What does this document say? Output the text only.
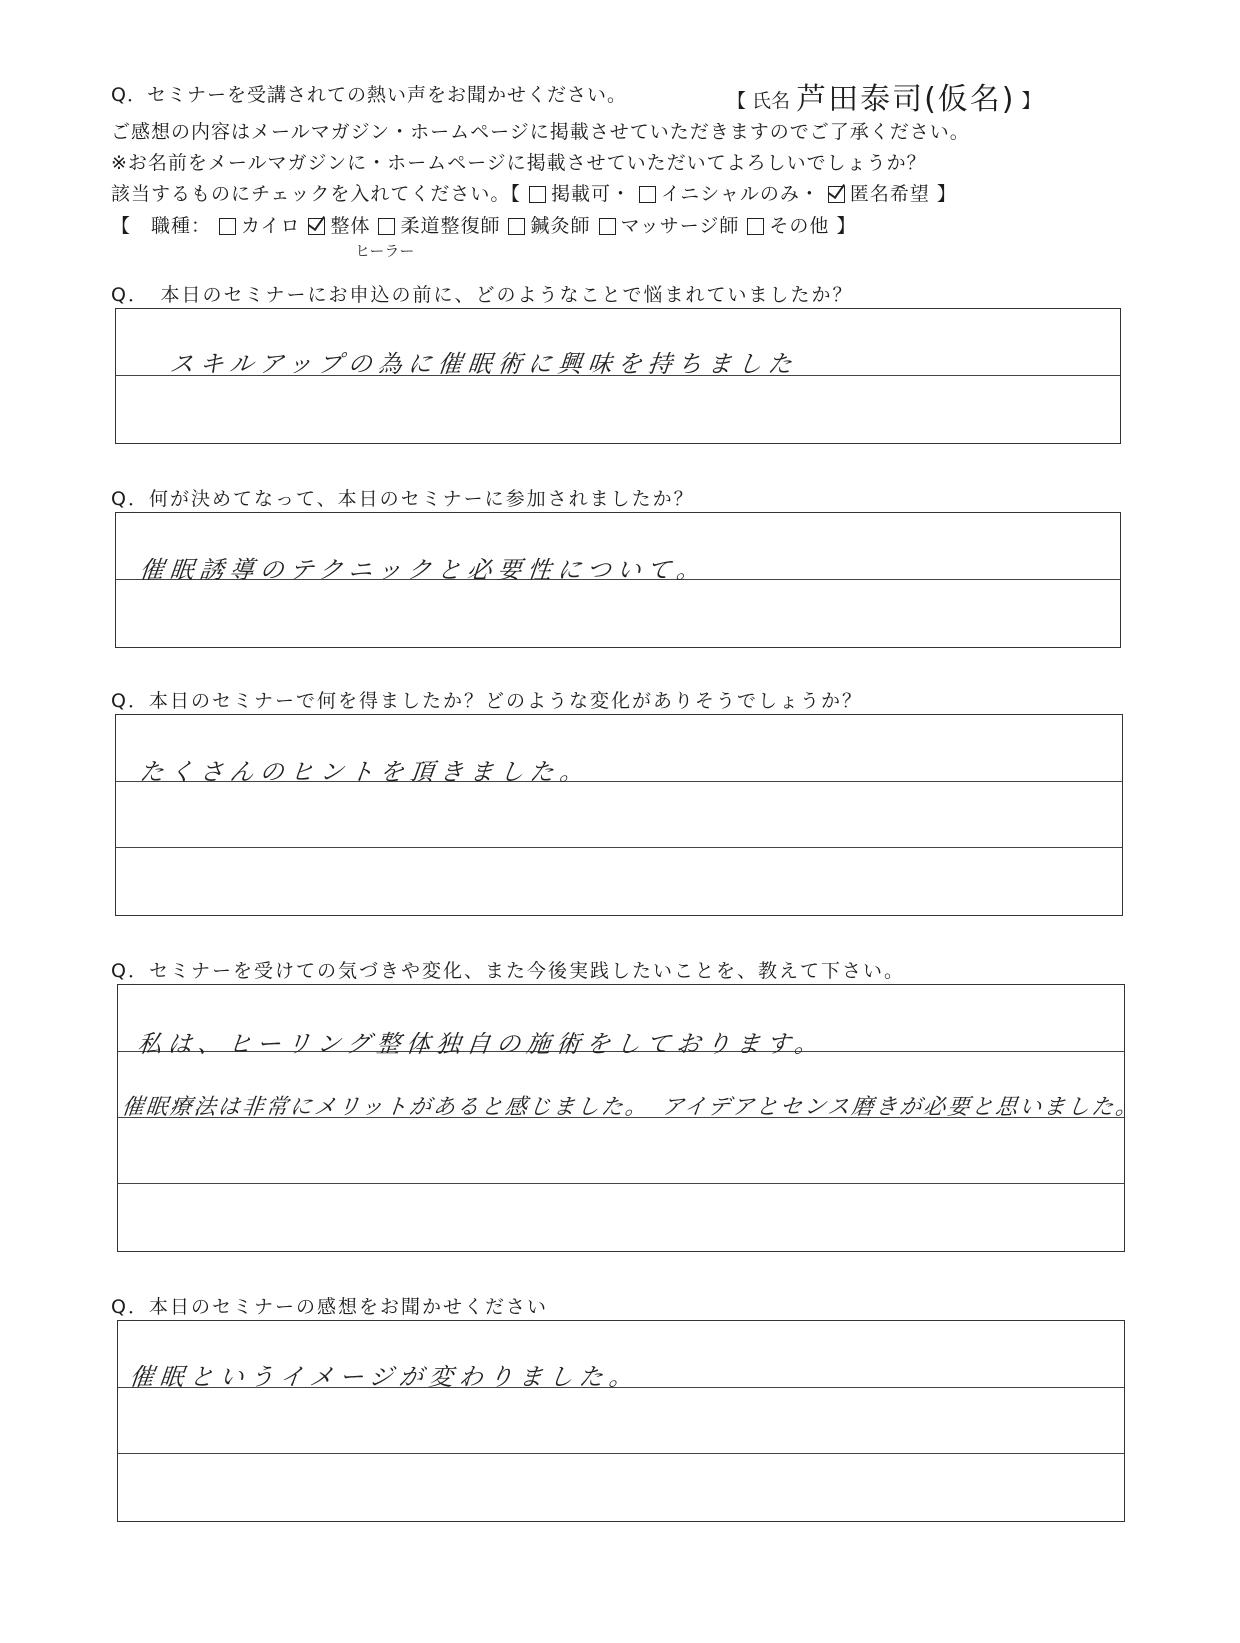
Q．セミナーを受講されての熱い声をお聞かせください。	【 氏名 芦田泰司(仮名) 】
ご感想の内容はメールマガジン・ホームページに掲載させていただきますのでご了承ください。
※お名前をメールマガジンに・ホームページに掲載させていただいてよろしいでしょうか？
該当するものにチェックを入れてください。【 掲載可・ イニシャルのみ・ 匿名希望 】
【　職種： カイロ 整体 柔道整復師 鍼灸師 マッサージ師 その他 】
ヒーラー
Q．　本日のセミナーにお申込の前に、どのようなことで悩まれていましたか？
スキルアップの為に催眠術に興味を持ちました
Q．何が決めてなって、本日のセミナーに参加されましたか？
催眠誘導のテクニックと必要性について。
Q．本日のセミナーで何を得ましたか？どのような変化がありそうでしょうか？
たくさんのヒントを頂きました。
Q．セミナーを受けての気づきや変化、また今後実践したいことを、教えて下さい。
私は、ヒーリング整体独自の施術をしております。
催眠療法は非常にメリットがあると感じました。　アイデアとセンス磨きが必要と思いました。
Q．本日のセミナーの感想をお聞かせください
催眠というイメージが変わりました。
